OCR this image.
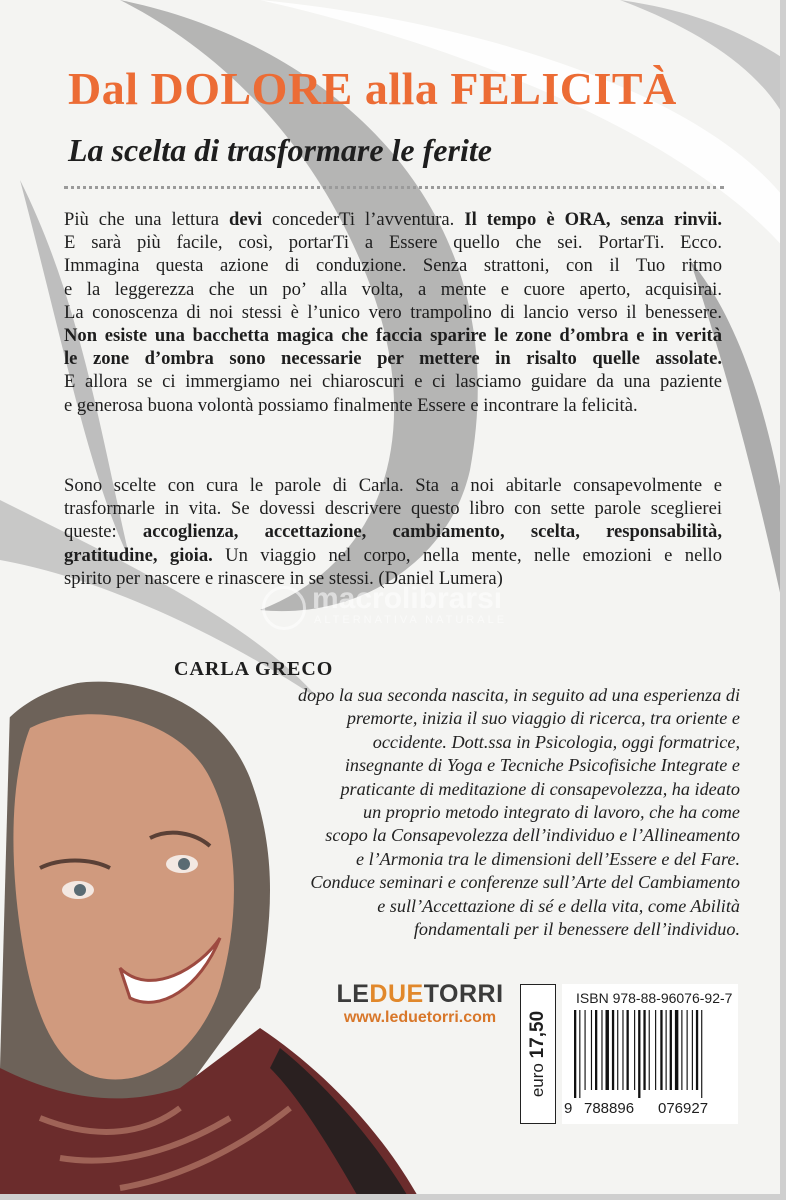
Dal DOLORE alla FELICITÀ
La scelta di trasformare le ferite
Più che una lettura devi concederTi l’avventura. Il tempo è ORA, senza rinvii.
E sarà più facile, così, portarTi a Essere quello che sei. PortarTi. Ecco.
Immagina questa azione di conduzione. Senza strattoni, con il Tuo ritmo
e la leggerezza che un po’ alla volta, a mente e cuore aperto, acquisirai.
La conoscenza di noi stessi è l’unico vero trampolino di lancio verso il benessere.
Non esiste una bacchetta magica che faccia sparire le zone d’ombra e in verità
le zone d’ombra sono necessarie per mettere in risalto quelle assolate.
E allora se ci immergiamo nei chiaroscuri e ci lasciamo guidare da una paziente
e generosa buona volontà possiamo finalmente Essere e incontrare la felicità.
Sono scelte con cura le parole di Carla. Sta a noi abitarle consapevolmente e
trasformarle in vita. Se dovessi descrivere questo libro con sette parole sceglierei
queste: accoglienza, accettazione, cambiamento, scelta, responsabilità,
gratitudine, gioia. Un viaggio nel corpo, nella mente, nelle emozioni e nello
spirito per nascere e rinascere in se stessi. (Daniel Lumera)
macrolibrarsi
ALTERNATIVA NATURALE
CARLA GRECO
dopo la sua seconda nascita, in seguito ad una esperienza di
premorte, inizia il suo viaggio di ricerca, tra oriente e
occidente. Dott.ssa in Psicologia, oggi formatrice,
insegnante di Yoga e Tecniche Psicofisiche Integrate e
praticante di meditazione di consapevolezza, ha ideato
un proprio metodo integrato di lavoro, che ha come
scopo la Consapevolezza dell’individuo e l’Allineamento
e l’Armonia tra le dimensioni dell’Essere e del Fare.
Conduce seminari e conferenze sull’Arte del Cambiamento
e sull’Accettazione di sé e della vita, come Abilità
fondamentali per il benessere dell’individuo.
LEDUETORRI
www.leduetorri.com
euro 17,50
ISBN 978-88-96076-92-7
9 788896 076927
